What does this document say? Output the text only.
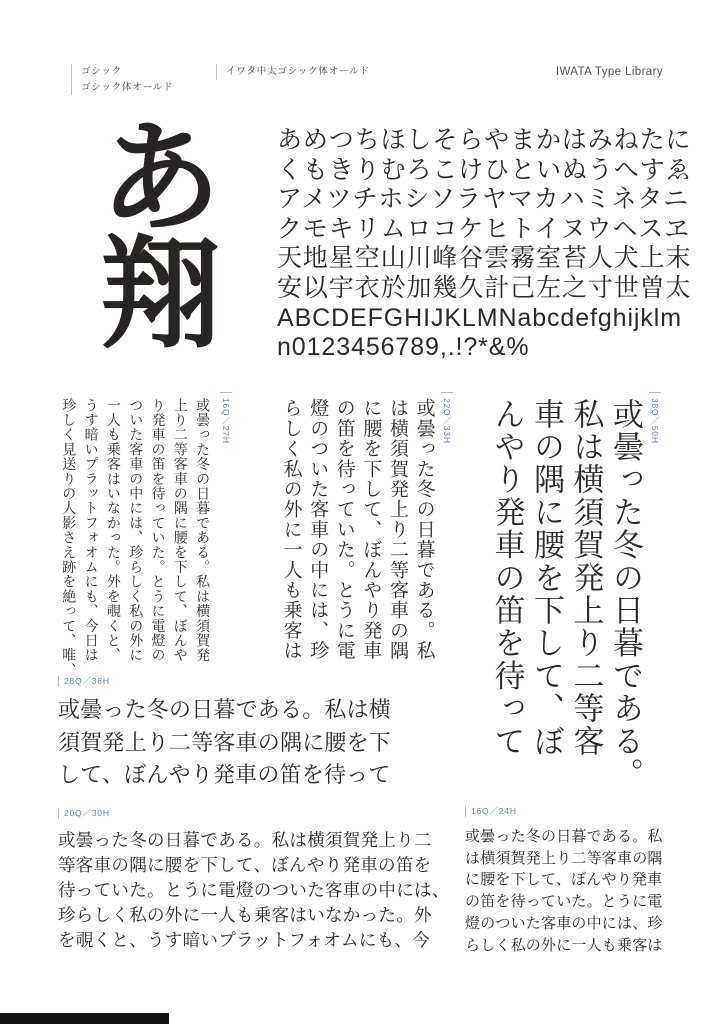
ゴシック
ゴシック体オールド
イワタ中太ゴシック体オールド	IWATA Type Library
あ
翔
あめつちほしそらやまかはみねたに
くもきりむろこけひといぬうへすゑ
アメツチホシソラヤマカハミネタニ
クモキリムロコケヒトイヌウヘスヱ
天地星空山川峰谷雲霧室苔人犬上末
安以宇衣於加幾久計己左之寸世曽太
ABCDEFGHIJKLMNabcdefghijklm
n0123456789,.!?*&%
16Q／27H
或曇った冬の日暮である。私は横須賀発
上り二等客車の隅に腰を下して、ぼんや
り発車の笛を待っていた。とうに電燈の
ついた客車の中には、珍らしく私の外に
一人も乗客はいなかった。外を覗くと、
うす暗いプラットフォオムにも、今日は
珍しく見送りの人影さえ跡を絶って、唯、	22Q／33H
或曇った冬の日暮である。私
は横須賀発上り二等客車の隅
に腰を下して、ぼんやり発車
の笛を待っていた。とうに電
燈のついた客車の中には、珍
らしく私の外に一人も乗客は	38Q／50H
或曇った冬の日暮である。
私は横須賀発上り二等客
車の隅に腰を下して、ぼ
んやり発車の笛を待って
28Q／38H
或曇った冬の日暮である。私は横
須賀発上り二等客車の隅に腰を下
して、ぼんやり発車の笛を待って
20Q／30H
或曇った冬の日暮である。私は横須賀発上り二
等客車の隅に腰を下して、ぼんやり発車の笛を
待っていた。とうに電燈のついた客車の中には、
珍らしく私の外に一人も乗客はいなかった。外
を覗くと、うす暗いプラットフォオムにも、今
16Q／24H
或曇った冬の日暮である。私
は横須賀発上り二等客車の隅
に腰を下して、ぼんやり発車
の笛を待っていた。とうに電
燈のついた客車の中には、珍
らしく私の外に一人も乗客は
